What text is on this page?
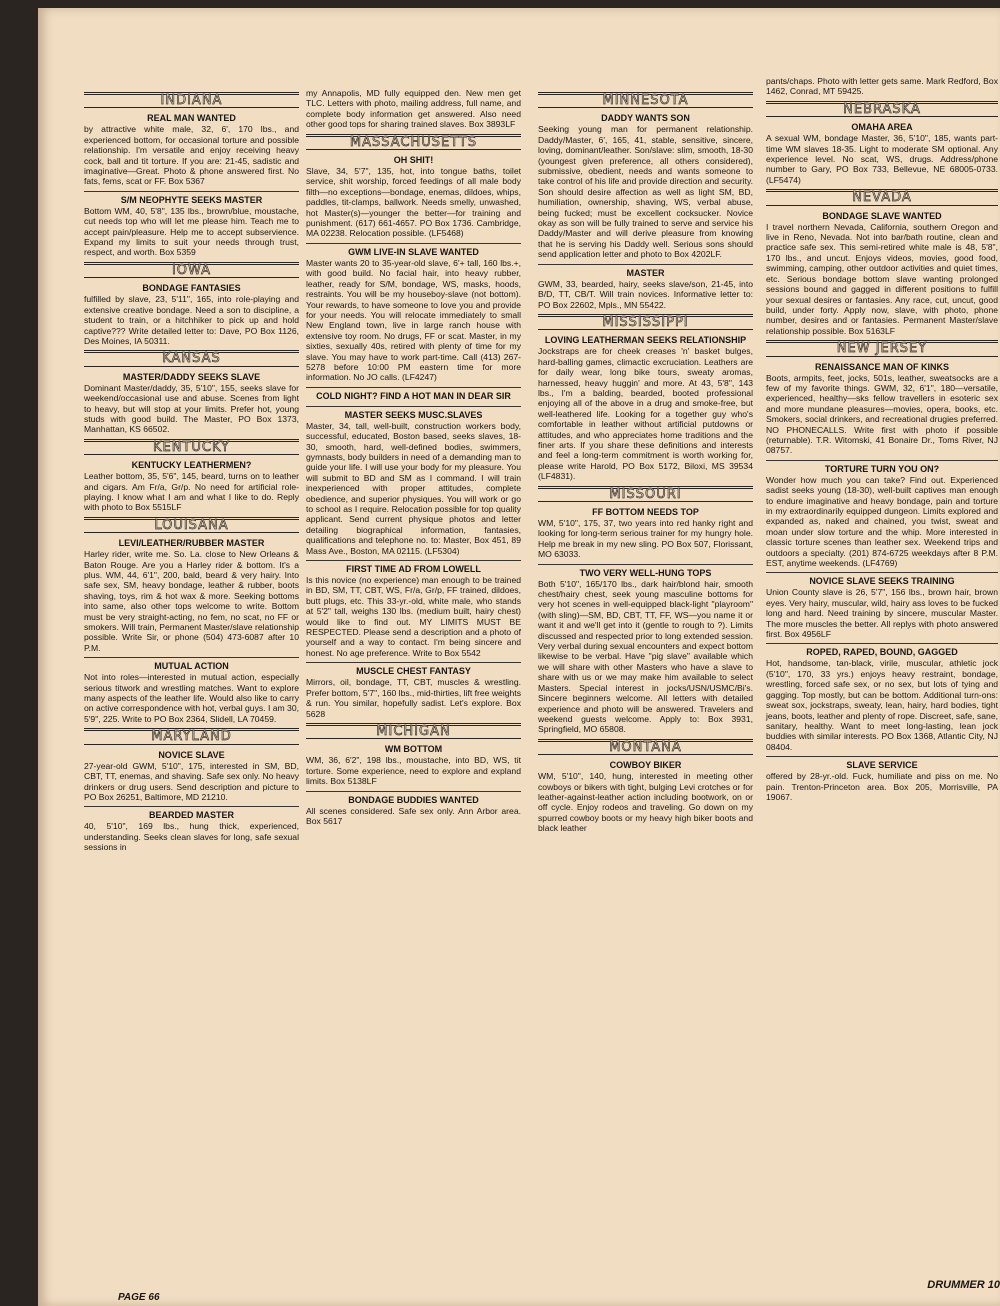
INDIANA
REAL MAN WANTED

by attractive white male, 32, 6', 170 lbs., and experienced bottom, for occasional torture and possible relationship. I'm versatile and enjoy receiving heavy cock, ball and tit torture. If you are: 21-45, sadistic and imaginative—Great. Photo & phone answered first. No fats, fems, scat or FF. Box 5367

S/M NEOPHYTE SEEKS MASTER

Bottom WM, 40, 5'8", 135 lbs., brown/blue, moustache, cut needs top who will let me please him. Teach me to accept pain/pleasure. Help me to accept subservience. Expand my limits to suit your needs through trust, respect, and worth. Box 5359

IOWA
BONDAGE FANTASIES

fulfilled by slave, 23, 5'11", 165, into role-playing and extensive creative bondage. Need a son to discipline, a student to train, or a hitchhiker to pick up and hold captive??? Write detailed letter to: Dave, PO Box 1126, Des Moines, IA 50311.

KANSAS
MASTER/DADDY SEEKS SLAVE

Dominant Master/daddy, 35, 5'10", 155, seeks slave for weekend/occasional use and abuse. Scenes from light to heavy, but will stop at your limits. Prefer hot, young studs with good build. The Master, PO Box 1373, Manhattan, KS 66502.

KENTUCKY
KENTUCKY LEATHERMEN?

Leather bottom, 35, 5'6", 145, beard, turns on to leather and cigars. Am Fr/a, Gr/p. No need for artificial role-playing. I know what I am and what I like to do. Reply with photo to Box 5515LF

LOUISANA
LEVI/LEATHER/RUBBER MASTER

Harley rider, write me. So. La. close to New Orleans & Baton Rouge. Are you a Harley rider & bottom. It's a plus. WM, 44, 6'1", 200, bald, beard & very hairy. Into safe sex, SM, heavy bondage, leather & rubber, boots shaving, toys, rim & hot wax & more. Seeking bottoms into same, also other tops welcome to write. Bottom must be very straight-acting, no fem, no scat, no FF or smokers. Will train, Permanent Master/slave relationship possible. Write Sir, or phone (504) 473-6087 after 10 P.M.

MUTUAL ACTION

Not into roles—interested in mutual action, especially serious titwork and wrestling matches. Want to explore many aspects of the leather life. Would also like to carry on active correspondence with hot, verbal guys. I am 30, 5'9", 225. Write to PO Box 2364, Slidell, LA 70459.

MARYLAND
NOVICE SLAVE

27-year-old GWM, 5'10", 175, interested in SM, BD, CBT, TT, enemas, and shaving. Safe sex only. No heavy drinkers or drug users. Send description and picture to PO Box 26251, Baltimore, MD 21210.

BEARDED MASTER

40, 5'10", 169 lbs., hung thick, experienced, understanding. Seeks clean slaves for long, safe sexual sessions in

my Annapolis, MD fully equipped den. New men get TLC. Letters with photo, mailing address, full name, and complete body information get answered. Also need other good tops for sharing trained slaves. Box 3893LF

MASSACHUSETTS
OH SHIT!

Slave, 34, 5'7", 135, hot, into tongue baths, toilet service, shit worship, forced feedings of all male body filth—no exceptions—bondage, enemas, dildoes, whips, paddles, tit-clamps, ballwork. Needs smelly, unwashed, hot Master(s)—younger the better—for training and punishment. (617) 661-4657. PO Box 1736. Cambridge, MA 02238. Relocation possible. (LF5468)

GWM LIVE-IN SLAVE WANTED

Master wants 20 to 35-year-old slave, 6'+ tall, 160 lbs.+, with good build. No facial hair, into heavy rubber, leather, ready for S/M, bondage, WS, masks, hoods, restraints. You will be my houseboy-slave (not bottom). Your rewards, to have someone to love you and provide for your needs. You will relocate immediately to small New England town, live in large ranch house with extensive toy room. No drugs, FF or scat. Master, in my sixties, sexually 40s, retired with plenty of time for my slave. You may have to work part-time. Call (413) 267-5278 before 10:00 PM eastern time for more information. No JO calls. (LF4247)

COLD NIGHT? FIND A HOT MAN IN DEAR SIR
MASTER SEEKS MUSC.SLAVES

Master, 34, tall, well-built, construction workers body, successful, educated, Boston based, seeks slaves, 18-30, smooth, hard, well-defined bodies, swimmers, gymnasts, body builders in need of a demanding man to guide your life. I will use your body for my pleasure. You will submit to BD and SM as I command. I will train inexperienced with proper attitudes, complete obedience, and superior physiques. You will work or go to school as I require. Relocation possible for top quality applicant. Send current physique photos and letter detailing biographical information, fantasies, qualifications and telephone no. to: Master, Box 451, 89 Mass Ave., Boston, MA 02115. (LF5304)

FIRST TIME AD FROM LOWELL

Is this novice (no experience) man enough to be trained in BD, SM, TT, CBT, WS, Fr/a, Gr/p, FF trained, dildoes, butt plugs, etc. This 33-yr.-old, white male, who stands at 5'2" tall, weighs 130 lbs. (medium built, hairy chest) would like to find out. MY LIMITS MUST BE RESPECTED. Please send a description and a photo of yourself and a way to contact. I'm being sincere and honest. No age preference. Write to Box 5542

MUSCLE CHEST FANTASY

Mirrors, oil, bondage, TT, CBT, muscles & wrestling. Prefer bottom, 5'7", 160 lbs., mid-thirties, lift free weights & run. You similar, hopefully sadist. Let's explore. Box 5628

MICHIGAN
WM BOTTOM

WM, 36, 6'2", 198 lbs., moustache, into BD, WS, tit torture. Some experience, need to explore and expland limits. Box 5138LF

BONDAGE BUDDIES WANTED

All scenes considered. Safe sex only. Ann Arbor area. Box 5617

MINNESOTA
DADDY WANTS SON

Seeking young man for permanent relationship. Daddy/Master, 6', 165, 41, stable, sensitive, sincere, loving, dominant/leather. Son/slave: slim, smooth, 18-30 (youngest given preference, all others considered), submissive, obedient, needs and wants someone to take control of his life and provide direction and security. Son should desire affection as well as light SM, BD, humiliation, ownership, shaving, WS, verbal abuse, being fucked; must be excellent cocksucker. Novice okay as son will be fully trained to serve and service his Daddy/Master and will derive pleasure from knowing that he is serving his Daddy well. Serious sons should send application letter and photo to Box 4202LF.

MASTER

GWM, 33, bearded, hairy, seeks slave/son, 21-45, into B/D, TT, CB/T. Will train novices. Informative letter to: PO Box 22602, Mpls., MN 55422.

MISSISSIPPI
LOVING LEATHERMAN SEEKS RELATIONSHIP

Jockstraps are for cheek creases 'n' basket bulges, hard-balling games, climactic excruciation. Leathers are for daily wear, long bike tours, sweaty aromas, harnessed, heavy huggin' and more. At 43, 5'8", 143 lbs., I'm a balding, bearded, booted professional enjoying all of the above in a drug and smoke-free, but well-leathered life. Looking for a together guy who's comfortable in leather without artificial putdowns or attitudes, and who appreciates home traditions and the finer arts. If you share these definitions and interests and feel a long-term commitment is worth working for, please write Harold, PO Box 5172, Biloxi, MS 39534 (LF4831).

MISSOURI
FF BOTTOM NEEDS TOP

WM, 5'10", 175, 37, two years into red hanky right and looking for long-term serious trainer for my hungry hole. Help me break in my new sling. PO Box 507, Florissant, MO 63033.

TWO VERY WELL-HUNG TOPS

Both 5'10", 165/170 lbs., dark hair/blond hair, smooth chest/hairy chest, seek young masculine bottoms for very hot scenes in well-equipped black-light "playroom" (with sling)—SM, BD, CBT, TT, FF, WS—you name it or want it and we'll get into it (gentle to rough to ?). Limits discussed and respected prior to long extended session. Very verbal during sexual encounters and expect bottom likewise to be verbal. Have "pig slave" available which we will share with other Masters who have a slave to share with us or we may make him available to select Masters. Special interest in jocks/USN/USMC/Bi's. Sincere beginners welcome. All letters with detailed experience and photo will be answered. Travelers and weekend guests welcome. Apply to: Box 3931, Springfield, MO 65808.

MONTANA
COWBOY BIKER

WM, 5'10", 140, hung, interested in meeting other cowboys or bikers with tight, bulging Levi crotches or for leather-against-leather action including bootwork, on or off cycle. Enjoy rodeos and traveling. Go down on my spurred cowboy boots or my heavy high biker boots and black leather

pants/chaps. Photo with letter gets same. Mark Redford, Box 1462, Conrad, MT 59425.

NEBRASKA
OMAHA AREA

A sexual WM, bondage Master, 36, 5'10", 185, wants part-time WM slaves 18-35. Light to moderate SM optional. Any experience level. No scat, WS, drugs. Address/phone number to Gary, PO Box 733, Bellevue, NE 68005-0733. (LF5474)

NEVADA
BONDAGE SLAVE WANTED

I travel northern Nevada, California, southern Oregon and live in Reno, Nevada. Not into bar/bath routine, clean and practice safe sex. This semi-retired white male is 48, 5'8", 170 lbs., and uncut. Enjoys videos, movies, good food, swimming, camping, other outdoor activities and quiet times, etc. Serious bondage bottom slave wanting prolonged sessions bound and gagged in different positions to fulfill your sexual desires or fantasies. Any race, cut, uncut, good build, under forty. Apply now, slave, with photo, phone number, desires and or fantasies. Permanent Master/slave relationship possible. Box 5163LF

NEW JERSEY
RENAISSANCE MAN OF KINKS

Boots, armpits, feet, jocks, 501s, leather, sweatsocks are a few of my favorite things. GWM, 32, 6'1", 180—versatile, experienced, healthy—sks fellow travellers in esoteric sex and more mundane pleasures—movies, opera, books, etc. Smokers, social drinkers, and recreational drugies preferred. NO PHONECALLS. Write first with photo if possible (returnable). T.R. Witomski, 41 Bonaire Dr., Toms River, NJ 08757.

TORTURE TURN YOU ON?

Wonder how much you can take? Find out. Experienced sadist seeks young (18-30), well-built captives man enough to endure imaginative and heavy bondage, pain and torture in my extraordinarily equipped dungeon. Limits explored and expanded as, naked and chained, you twist, sweat and moan under slow torture and the whip. More interested in classic torture scenes than leather sex. Weekend trips and outdoors a specialty. (201) 874-6725 weekdays after 8 P.M. EST, anytime weekends. (LF4769)

NOVICE SLAVE SEEKS TRAINING

Union County slave is 26, 5'7", 156 lbs., brown hair, brown eyes. Very hairy, muscular, wild, hairy ass loves to be fucked long and hard. Need training by sincere, muscular Master. The more muscles the better. All replys with photo answered first. Box 4956LF

ROPED, RAPED, BOUND, GAGGED

Hot, handsome, tan-black, virile, muscular, athletic jock (5'10", 170, 33 yrs.) enjoys heavy restraint, bondage, wrestling, forced safe sex, or no sex, but lots of tying and gagging. Top mostly, but can be bottom. Additional turn-ons: sweat sox, jockstraps, sweaty, lean, hairy, hard bodies, tight jeans, boots, leather and plenty of rope. Discreet, safe, sane, sanitary, healthy. Want to meet long-lasting, lean jock buddies with similar interests. PO Box 1368, Atlantic City, NJ 08404.

SLAVE SERVICE

offered by 28-yr.-old. Fuck, humiliate and piss on me. No pain. Trenton-Princeton area. Box 205, Morrisville, PA 19067.

PAGE 66
DRUMMER 10
